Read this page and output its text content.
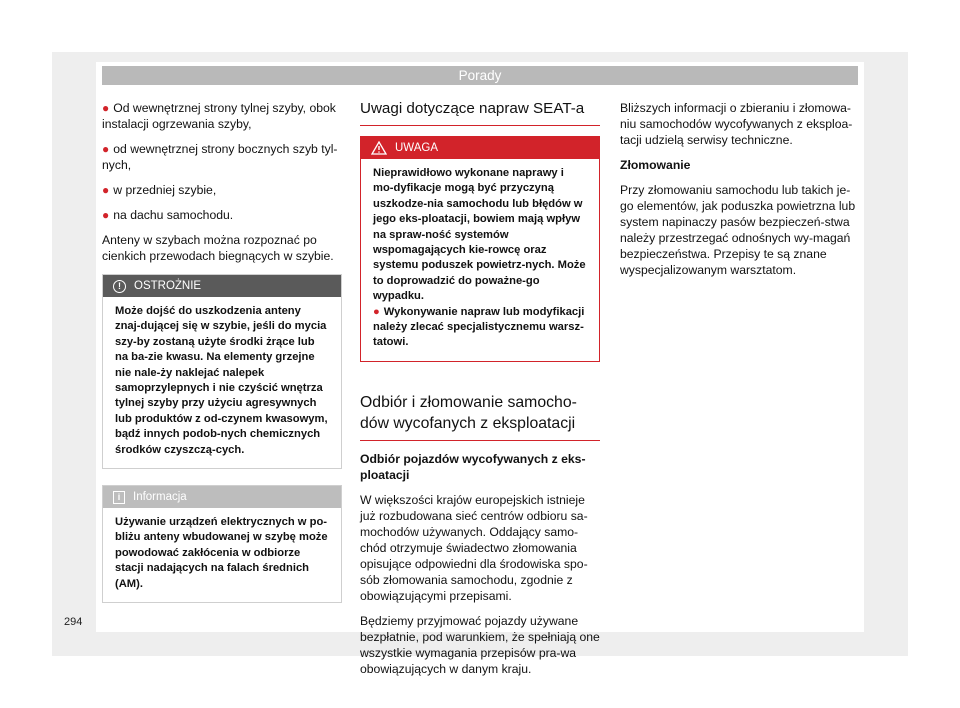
Porady

● Od wewnętrznej strony tylnej szyby, obok instalacji ogrzewania szyby,

● od wewnętrznej strony bocznych szyb tyl-nych,

● w przedniej szybie,

● na dachu samochodu.

Anteny w szybach można rozpoznać po cienkich przewodach biegnących w szybie.

!	OSTROŻNIE
Może dojść do uszkodzenia anteny znaj-dującej się w szybie, jeśli do mycia szy-by zostaną użyte środki żrące lub na ba-zie kwasu. Na elementy grzejne nie nale-ży naklejać nalepek samoprzylepnych i nie czyścić wnętrza tylnej szyby przy użyciu agresywnych lub produktów z od-czynem kwasowym, bądź innych podob-nych chemicznych środków czyszczą-cych.
i	Informacja
Używanie urządzeń elektrycznych w po-bliżu anteny wbudowanej w szybę może powodować zakłócenia w odbiorze stacji nadających na falach średnich (AM).
Uwagi dotyczące napraw SEAT-a
UWAGA
Nieprawidłowo wykonane naprawy i mo-dyfikacje mogą być przyczyną uszkodze-nia samochodu lub błędów w jego eks-ploatacji, bowiem mają wpływ na spraw-ność systemów wspomagających kie-rowcę oraz systemu poduszek powietrz-nych. Może to doprowadzić do poważne-go wypadku.
● Wykonywanie napraw lub modyfikacji należy zlecać specjalistycznemu warsz-tatowi.
Odbiór i złomowanie samocho-dów wycofanych z eksploatacji

Odbiór pojazdów wycofywanych z eks-ploatacji

W większości krajów europejskich istnieje już rozbudowana sieć centrów odbioru sa-mochodów używanych. Oddający samo-chód otrzymuje świadectwo złomowania opisujące odpowiedni dla środowiska spo-sób złomowania samochodu, zgodnie z obowiązującymi przepisami.

Będziemy przyjmować pojazdy używane bezpłatnie, pod warunkiem, że spełniają one wszystkie wymagania przepisów pra-wa obowiązujących w danym kraju.

Bliższych informacji o zbieraniu i złomowa-niu samochodów wycofywanych z eksploa-tacji udzielą serwisy techniczne.

Złomowanie

Przy złomowaniu samochodu lub takich je-go elementów, jak poduszka powietrzna lub system napinaczy pasów bezpieczeń-stwa należy przestrzegać odnośnych wy-magań bezpieczeństwa. Przepisy te są znane wyspecjalizowanym warsztatom.

294
